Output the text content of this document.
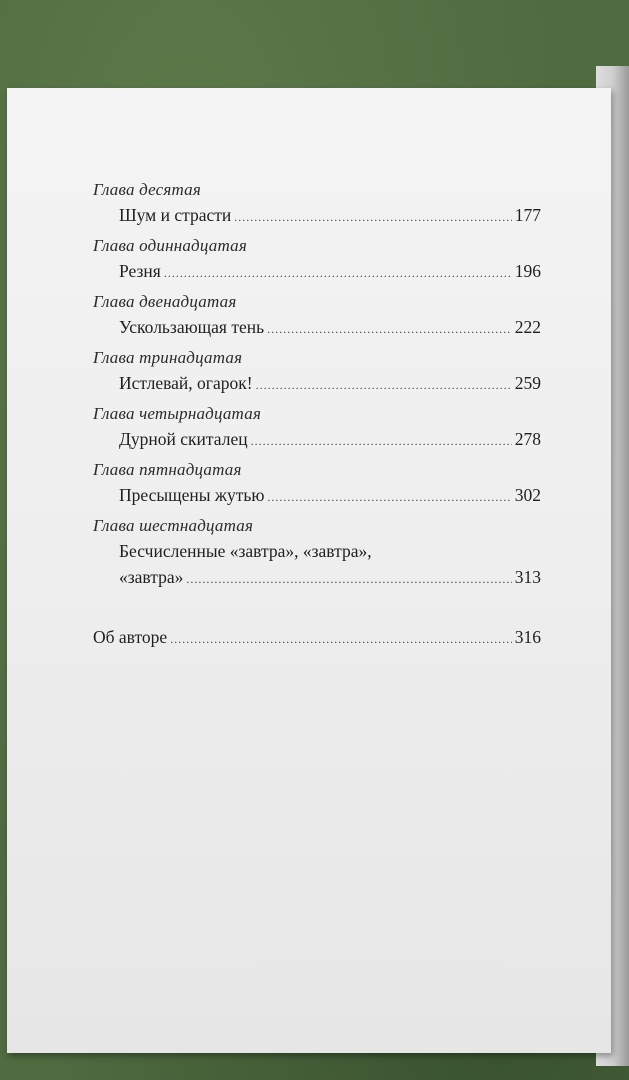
Глава десятая
Шум и страсти .....	177
Глава одиннадцатая
Резня .....	196
Глава двенадцатая
Ускользающая тень .....	222
Глава тринадцатая
Истлевай, огарок! .....	259
Глава четырнадцатая
Дурной скиталец .....	278
Глава пятнадцатая
Пресыщены жутью .....	302
Глава шестнадцатая
Бесчисленные «завтра», «завтра»,
«завтра» .....	313
Об авторе .....	316
